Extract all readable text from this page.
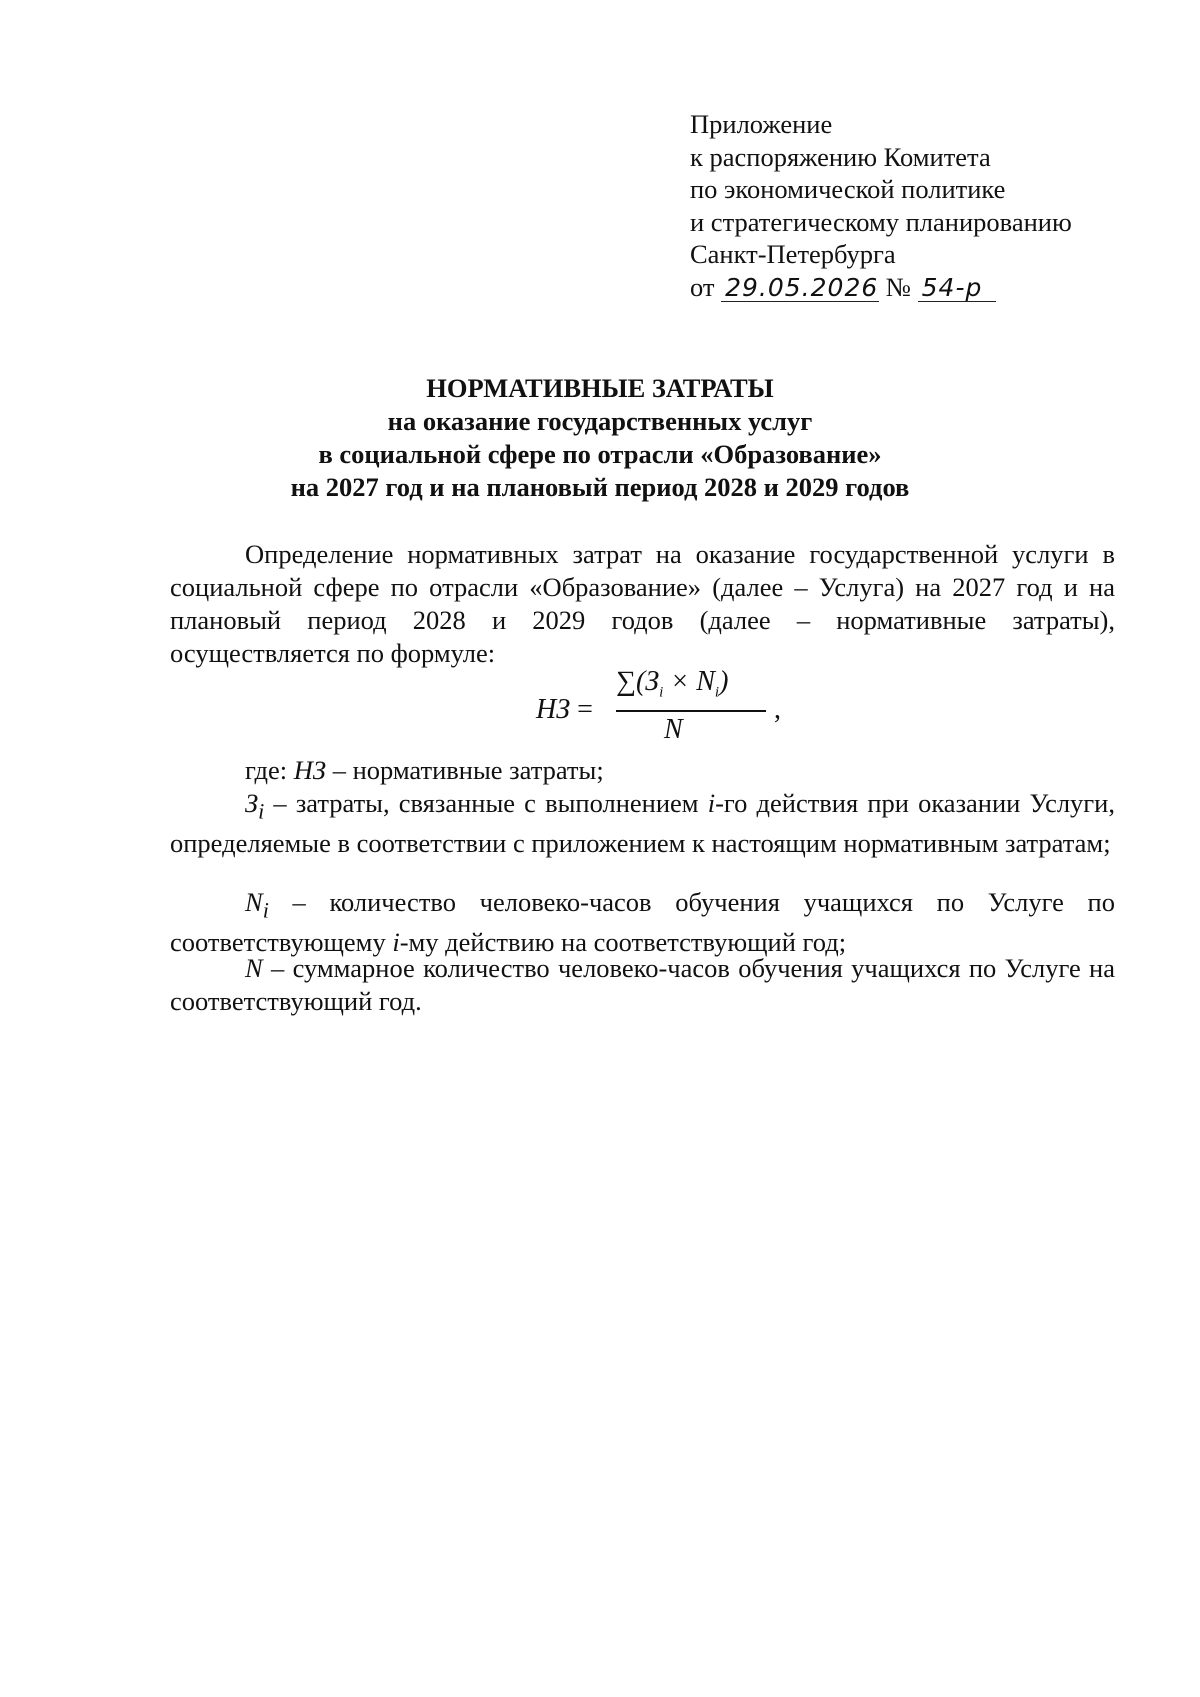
Приложение
к распоряжению Комитета
по экономической политике
и стратегическому планированию
Санкт-Петербурга
от 29.05.2026 № 54-р
НОРМАТИВНЫЕ ЗАТРАТЫ
на оказание государственных услуг
в социальной сфере по отрасли «Образование»
на 2027 год и на плановый период 2028 и 2029 годов
Определение нормативных затрат на оказание государственной услуги в социальной сфере по отрасли «Образование» (далее – Услуга) на 2027 год и на плановый период 2028 и 2029 годов (далее – нормативные затраты), осуществляется по формуле:
НЗ =
$\sum(З_i \times N_i)$
N
,
где: НЗ – нормативные затраты;
$З_i$ – затраты, связанные с выполнением i-го действия при оказании Услуги, определяемые в соответствии с приложением к настоящим нормативным затратам;
$N_i$ – количество человеко-часов обучения учащихся по Услуге по соответствующему i-му действию на соответствующий год;
N – суммарное количество человеко-часов обучения учащихся по Услуге на соответствующий год.
